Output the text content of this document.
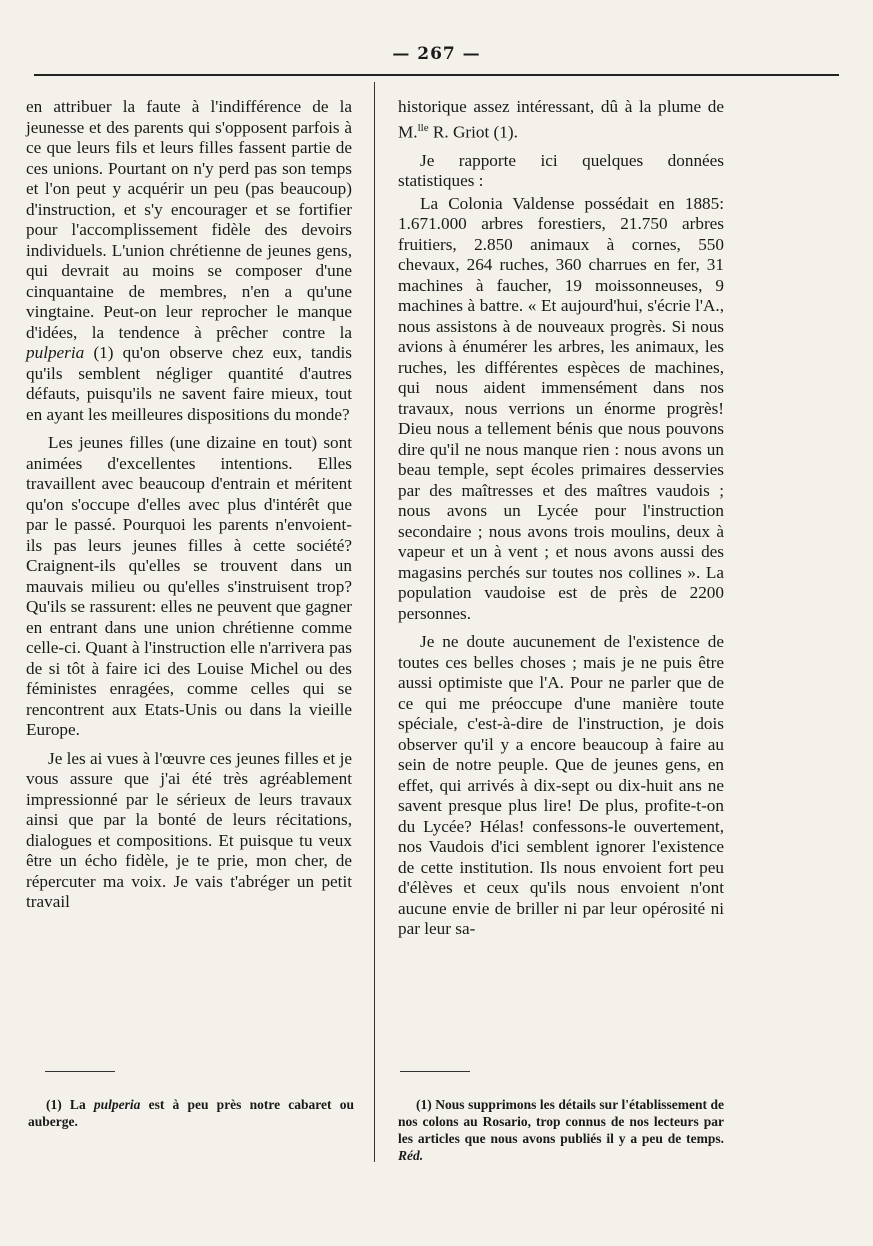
— 267 —

en attribuer la faute à l'indifférence de la jeunesse et des parents qui s'opposent parfois à ce que leurs fils et leurs filles fassent partie de ces unions. Pourtant on n'y perd pas son temps et l'on peut y acquérir un peu (pas beaucoup) d'instruction, et s'y encourager et se fortifier pour l'accomplissement fidèle des devoirs individuels. L'union chrétienne de jeunes gens, qui devrait au moins se composer d'une cinquantaine de membres, n'en a qu'une vingtaine. Peut-on leur reprocher le manque d'idées, la tendence à prêcher contre la pulperia (1) qu'on observe chez eux, tandis qu'ils semblent négliger quantité d'autres défauts, puisqu'ils ne savent faire mieux, tout en ayant les meilleures dispositions du monde?

Les jeunes filles (une dizaine en tout) sont animées d'excellentes intentions. Elles travaillent avec beaucoup d'entrain et méritent qu'on s'occupe d'elles avec plus d'intérêt que par le passé. Pourquoi les parents n'envoient-ils pas leurs jeunes filles à cette société? Craignent-ils qu'elles se trouvent dans un mauvais milieu ou qu'elles s'instruisent trop? Qu'ils se rassurent: elles ne peuvent que gagner en entrant dans une union chrétienne comme celle-ci. Quant à l'instruction elle n'arrivera pas de si tôt à faire ici des Louise Michel ou des féministes enragées, comme celles qui se rencontrent aux Etats-Unis ou dans la vieille Europe.

Je les ai vues à l'œuvre ces jeunes filles et je vous assure que j'ai été très agréablement impressionné par le sérieux de leurs travaux ainsi que par la bonté de leurs récitations, dialogues et compositions. Et puisque tu veux être un écho fidèle, je te prie, mon cher, de répercuter ma voix. Je vais t'abréger un petit travail

historique assez intéressant, dû à la plume de M.$^{lle}$ R. Griot (1).

Je rapporte ici quelques données statistiques :

La Colonia Valdense possédait en 1885: 1.671.000 arbres forestiers, 21.750 arbres fruitiers, 2.850 animaux à cornes, 550 chevaux, 264 ruches, 360 charrues en fer, 31 machines à faucher, 19 moissonneuses, 9 machines à battre. « Et aujourd'hui, s'écrie l'A., nous assistons à de nouveaux progrès. Si nous avions à énumérer les arbres, les animaux, les ruches, les différentes espèces de machines, qui nous aident immensément dans nos travaux, nous verrions un énorme progrès! Dieu nous a tellement bénis que nous pouvons dire qu'il ne nous manque rien : nous avons un beau temple, sept écoles primaires desservies par des maîtresses et des maîtres vaudois ; nous avons un Lycée pour l'instruction secondaire ; nous avons trois moulins, deux à vapeur et un à vent ; et nous avons aussi des magasins perchés sur toutes nos collines ». La population vaudoise est de près de 2200 personnes.

Je ne doute aucunement de l'existence de toutes ces belles choses ; mais je ne puis être aussi optimiste que l'A. Pour ne parler que de ce qui me préoccupe d'une manière toute spéciale, c'est-à-dire de l'instruction, je dois observer qu'il y a encore beaucoup à faire au sein de notre peuple. Que de jeunes gens, en effet, qui arrivés à dix-sept ou dix-huit ans ne savent presque plus lire! De plus, profite-t-on du Lycée? Hélas! confessons-le ouvertement, nos Vaudois d'ici semblent ignorer l'existence de cette institution. Ils nous envoient fort peu d'élèves et ceux qu'ils nous envoient n'ont aucune envie de briller ni par leur opérosité ni par leur sa-

(1) La pulperia est à peu près notre cabaret ou auberge.
(1) Nous supprimons les détails sur l'établissement de nos colons au Rosario, trop connus de nos lecteurs par les articles que nous avons publiés il y a peu de temps. Réd.
